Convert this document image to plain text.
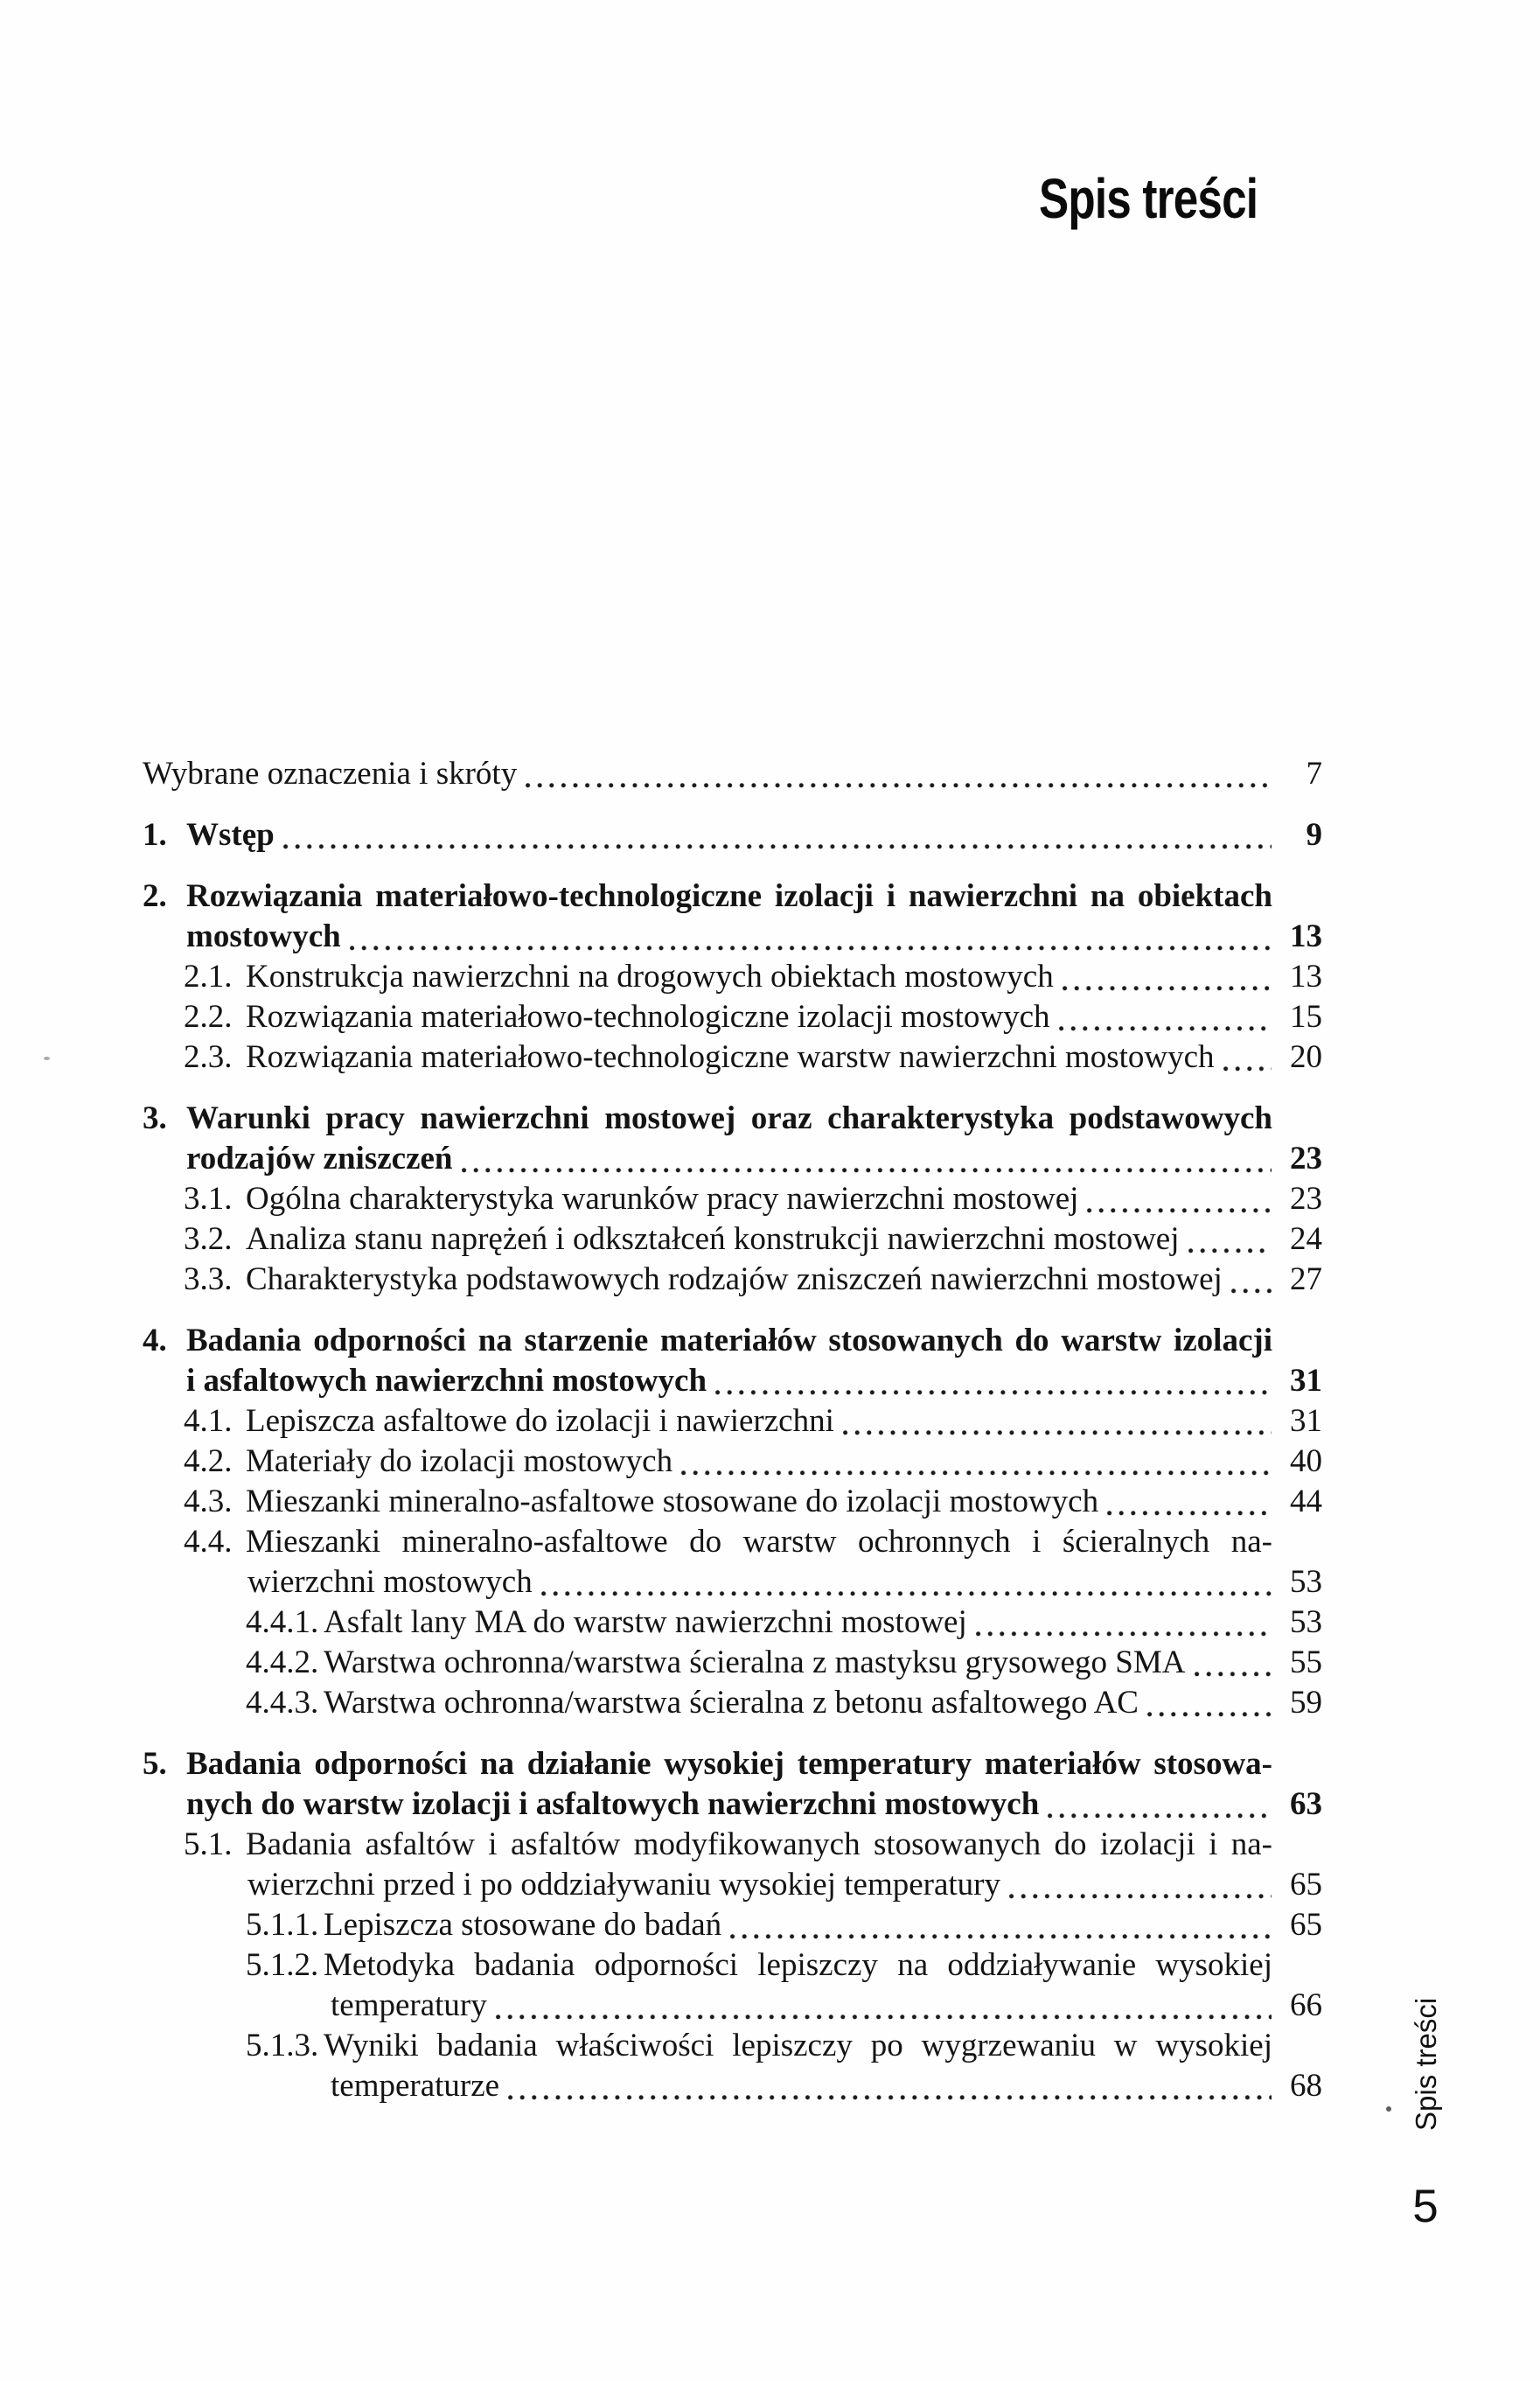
Spis treści
Wybrane oznaczenia i skróty	7
1. Wstęp	9
2. Rozwiązania materiałowo-technologiczne izolacji i nawierzchni na obiektach
mostowych	13
2.1. Konstrukcja nawierzchni na drogowych obiektach mostowych	13
2.2. Rozwiązania materiałowo-technologiczne izolacji mostowych	15
2.3. Rozwiązania materiałowo-technologiczne warstw nawierzchni mostowych	20
3. Warunki pracy nawierzchni mostowej oraz charakterystyka podstawowych
rodzajów zniszczeń	23
3.1. Ogólna charakterystyka warunków pracy nawierzchni mostowej	23
3.2. Analiza stanu naprężeń i odkształceń konstrukcji nawierzchni mostowej	24
3.3. Charakterystyka podstawowych rodzajów zniszczeń nawierzchni mostowej	27
4. Badania odporności na starzenie materiałów stosowanych do warstw izolacji
i asfaltowych nawierzchni mostowych	31
4.1. Lepiszcza asfaltowe do izolacji i nawierzchni	31
4.2. Materiały do izolacji mostowych	40
4.3. Mieszanki mineralno-asfaltowe stosowane do izolacji mostowych	44
4.4. Mieszanki mineralno-asfaltowe do warstw ochronnych i ścieralnych na-
wierzchni mostowych	53
4.4.1. Asfalt lany MA do warstw nawierzchni mostowej	53
4.4.2. Warstwa ochronna/warstwa ścieralna z mastyksu grysowego SMA	55
4.4.3. Warstwa ochronna/warstwa ścieralna z betonu asfaltowego AC	59
5. Badania odporności na działanie wysokiej temperatury materiałów stosowa-
nych do warstw izolacji i asfaltowych nawierzchni mostowych	63
5.1. Badania asfaltów i asfaltów modyfikowanych stosowanych do izolacji i na-
wierzchni przed i po oddziaływaniu wysokiej temperatury	65
5.1.1. Lepiszcza stosowane do badań	65
5.1.2. Metodyka badania odporności lepiszczy na oddziaływanie wysokiej
temperatury	66
5.1.3. Wyniki badania właściwości lepiszczy po wygrzewaniu w wysokiej
temperaturze	68	Spis treści
5
